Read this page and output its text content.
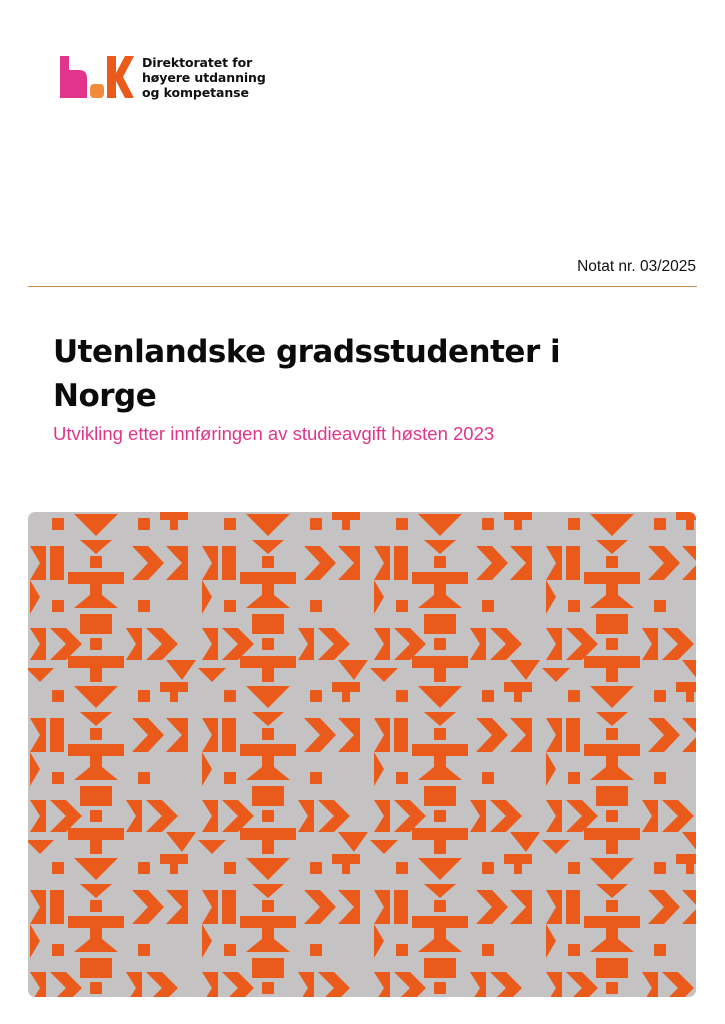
Direktoratet for
høyere utdanning
og kompetanse
Notat nr. 03/2025
Utenlandske gradsstudenter i Norge
Utvikling etter innføringen av studieavgift høsten 2023
